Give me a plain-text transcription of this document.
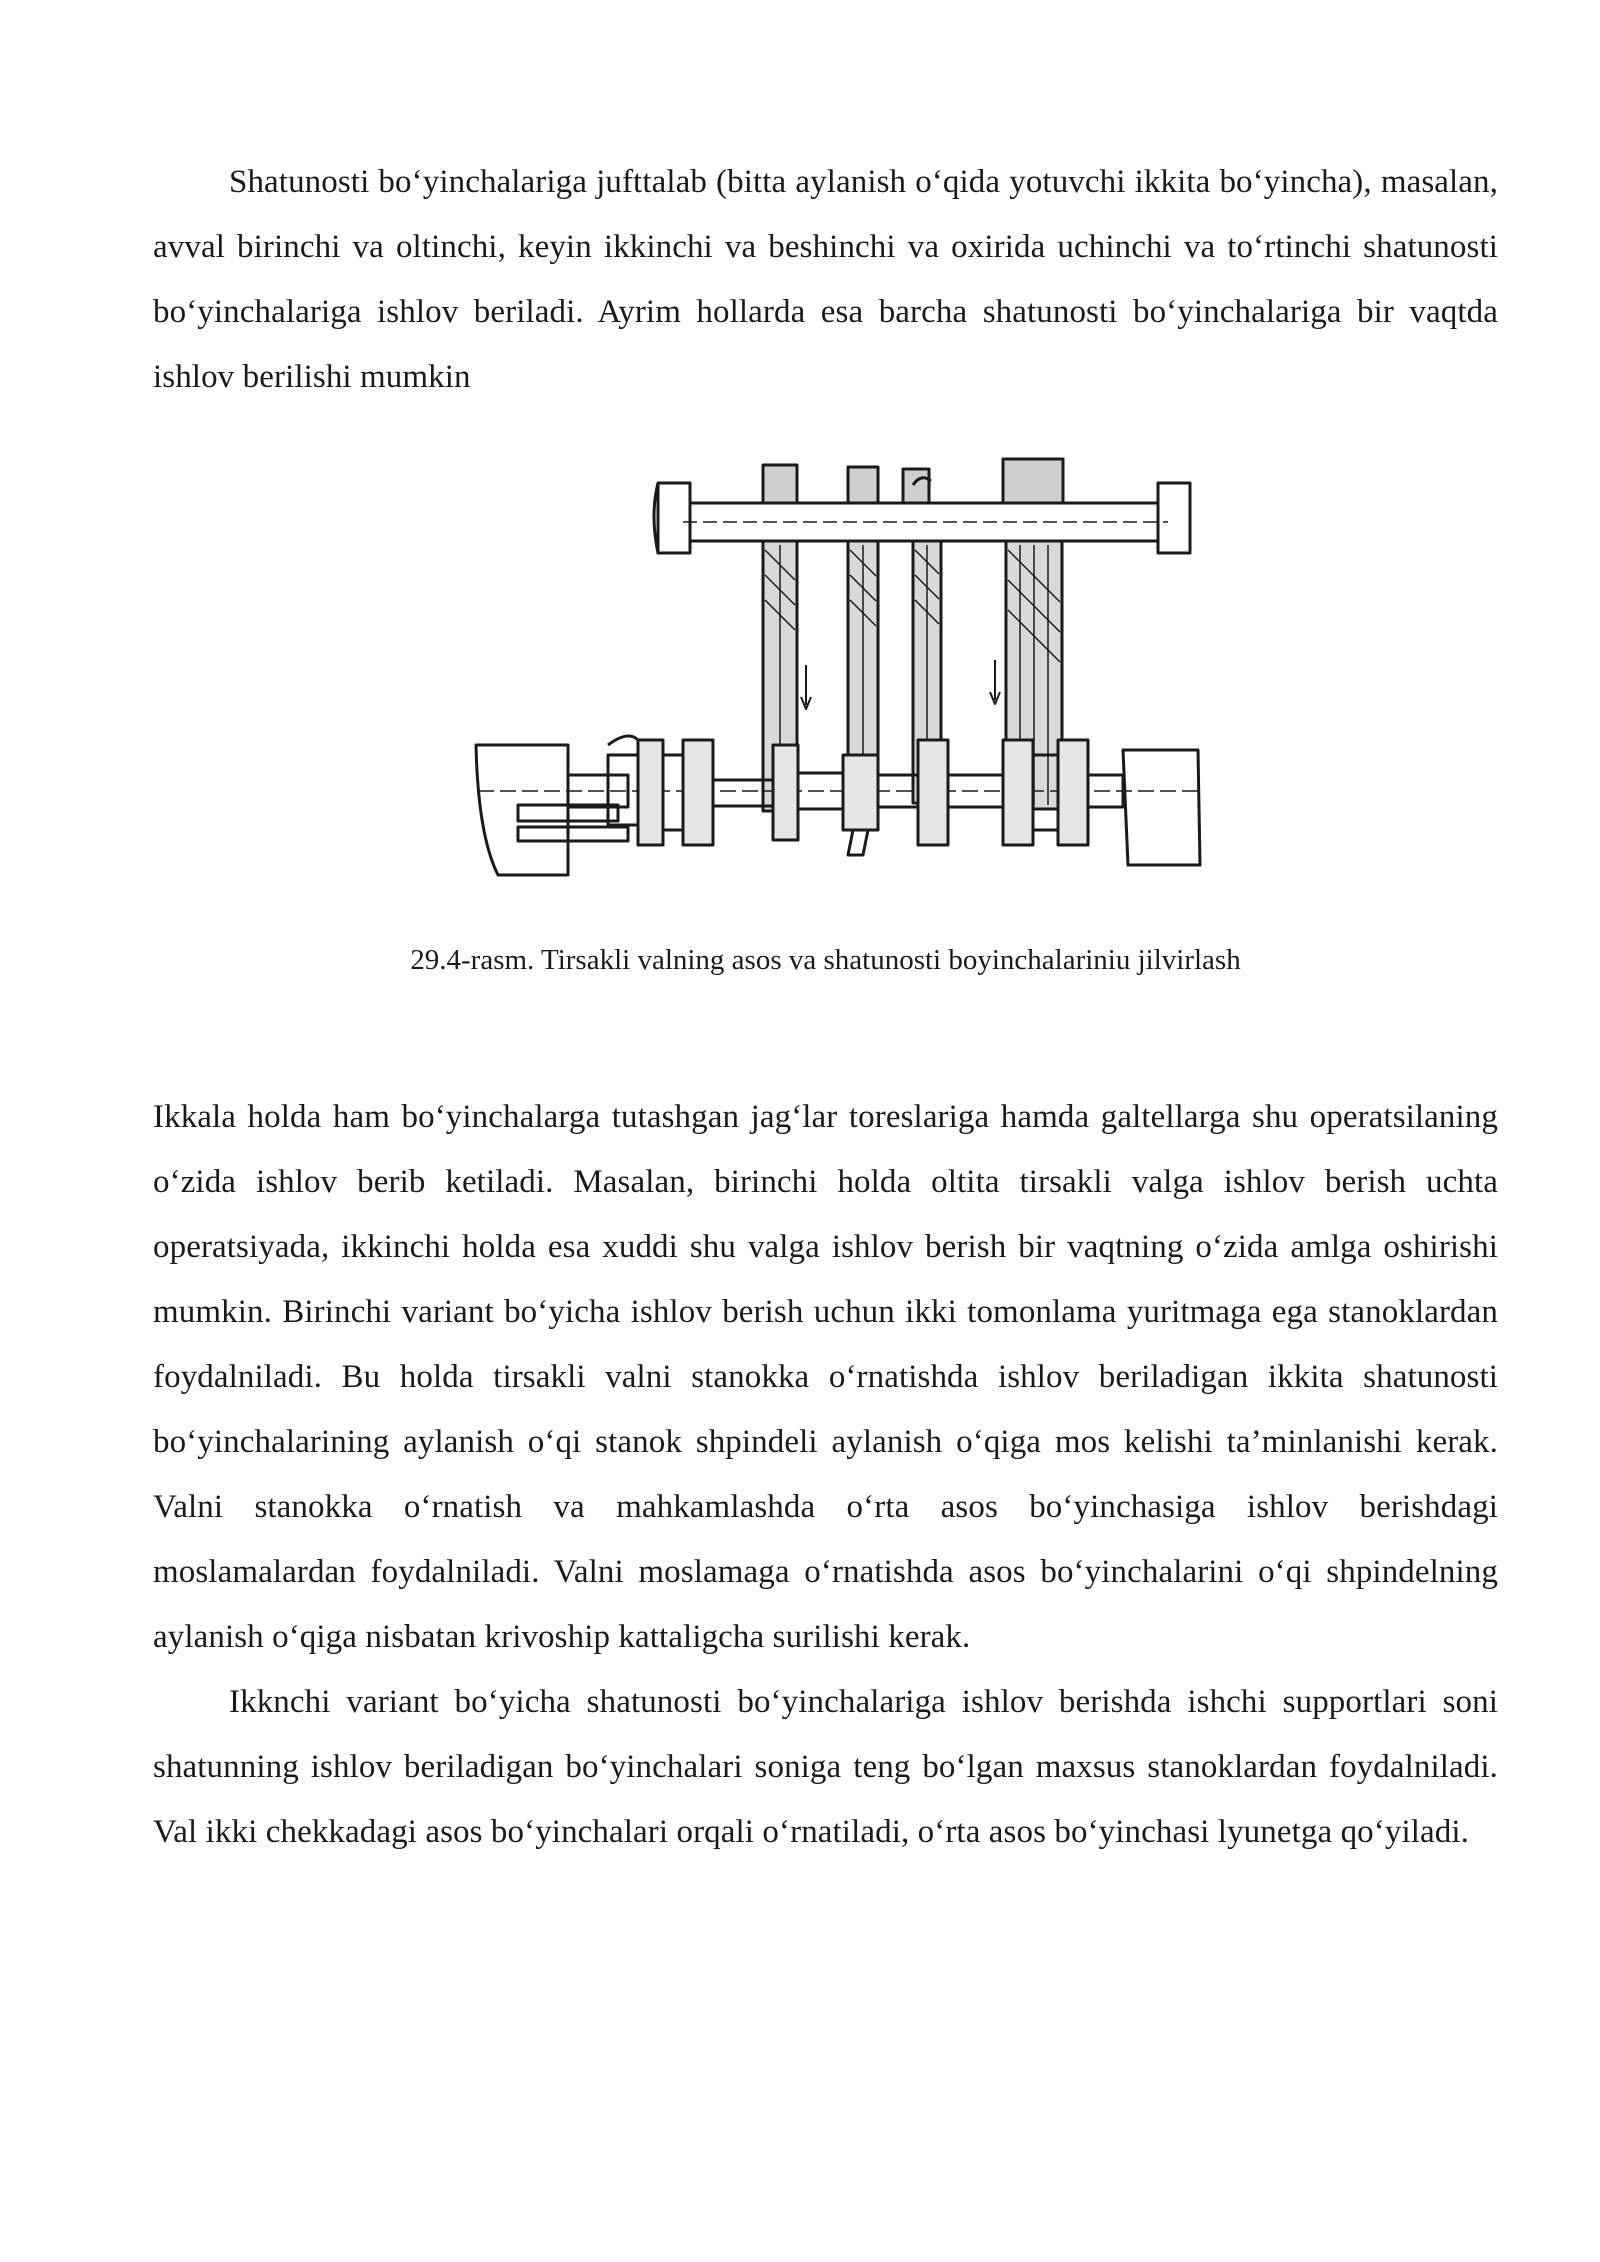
Shatunosti bo‘yinchalariga jufttalab (bitta aylanish o‘qida yotuvchi ikkita bo‘yincha), masalan, avval birinchi va oltinchi, keyin ikkinchi va beshinchi va oxirida uchinchi va to‘rtinchi shatunosti bo‘yinchalariga ishlov beriladi. Ayrim hollarda esa barcha shatunosti bo‘yinchalariga bir vaqtda ishlov berilishi mumkin

29.4-rasm. Tirsakli valning asos va shatunosti boyinchalariniu jilvirlash

Ikkala holda ham bo‘yinchalarga tutashgan jag‘lar toreslariga hamda galtellarga shu operatsilaning o‘zida ishlov berib ketiladi. Masalan, birinchi holda oltita tirsakli valga ishlov berish uchta operatsiyada, ikkinchi holda esa xuddi shu valga ishlov berish bir vaqtning o‘zida amlga oshirishi mumkin. Birinchi variant bo‘yicha ishlov berish uchun ikki tomonlama yuritmaga ega stanoklardan foydalniladi. Bu holda tirsakli valni stanokka o‘rnatishda ishlov beriladigan ikkita shatunosti bo‘yinchalarining aylanish o‘qi stanok shpindeli aylanish o‘qiga mos kelishi ta’minlanishi kerak. Valni stanokka o‘rnatish va mahkamlashda o‘rta asos bo‘yinchasiga ishlov berishdagi moslamalardan foydalniladi. Valni moslamaga o‘rnatishda asos bo‘yinchalarini o‘qi shpindelning aylanish o‘qiga nisbatan krivoship kattaligcha surilishi kerak.

Ikknchi variant bo‘yicha shatunosti bo‘yinchalariga ishlov berishda ishchi supportlari soni shatunning ishlov beriladigan bo‘yinchalari soniga teng bo‘lgan maxsus stanoklardan foydalniladi. Val ikki chekkadagi asos bo‘yinchalari orqali o‘rnatiladi, o‘rta asos bo‘yinchasi lyunetga qo‘yiladi.
